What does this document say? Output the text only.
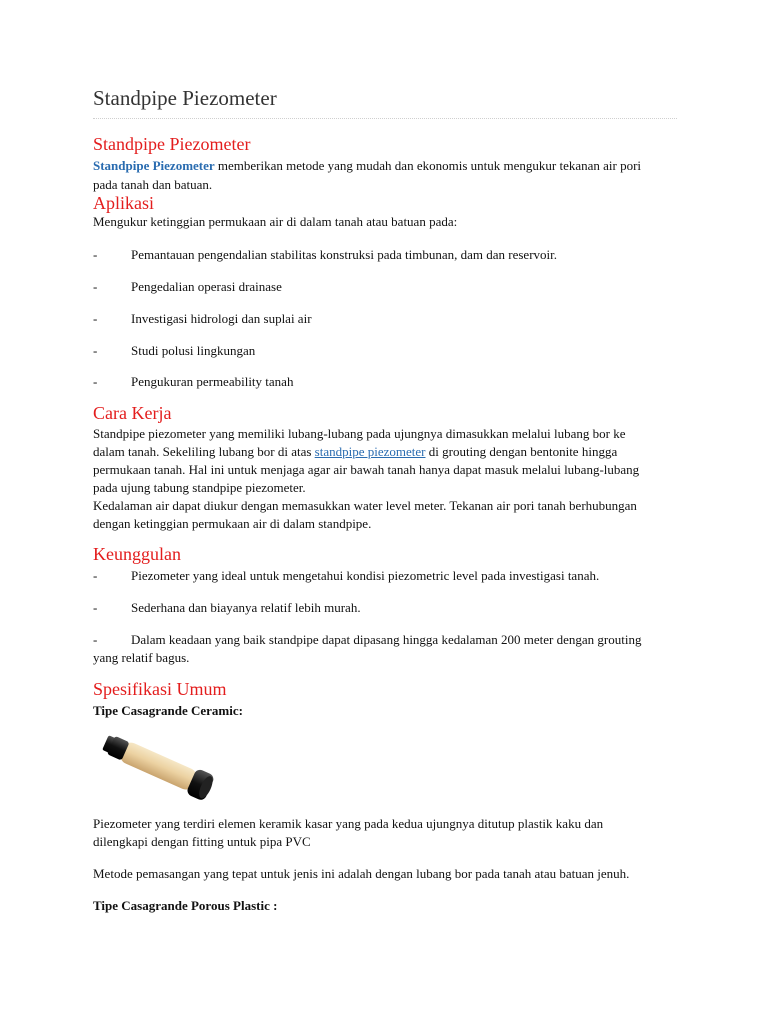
Standpipe Piezometer
Standpipe Piezometer

Standpipe Piezometer memberikan metode yang mudah dan ekonomis untuk mengukur tekanan air pori

pada tanah dan batuan.

Aplikasi

Mengukur ketinggian permukaan air di dalam tanah atau batuan pada:

-	Pemantauan pengendalian stabilitas konstruksi pada timbunan, dam dan reservoir.
-	Pengedalian operasi drainase
-	Investigasi hidrologi dan suplai air
-	Studi polusi lingkungan
-	Pengukuran permeability tanah
Cara Kerja

Standpipe piezometer yang memiliki lubang-lubang pada ujungnya dimasukkan melalui lubang bor ke

dalam tanah. Sekeliling lubang bor di atas standpipe piezometer di grouting dengan bentonite hingga

permukaan tanah. Hal ini untuk menjaga agar air bawah tanah hanya dapat masuk melalui lubang-lubang

pada ujung tabung standpipe piezometer.

Kedalaman air dapat diukur dengan memasukkan water level meter. Tekanan air pori tanah berhubungan

dengan ketinggian permukaan air di dalam standpipe.

Keunggulan
-	Piezometer yang ideal untuk mengetahui kondisi piezometric level pada investigasi tanah.
-	Sederhana dan biayanya relatif lebih murah.
-	Dalam keadaan yang baik standpipe dapat dipasang hingga kedalaman 200 meter dengan grouting

yang relatif bagus.

Spesifikasi Umum

Tipe Casagrande Ceramic:

Piezometer yang terdiri elemen keramik kasar yang pada kedua ujungnya ditutup plastik kaku dan

dilengkapi dengan fitting untuk pipa PVC

Metode pemasangan yang tepat untuk jenis ini adalah dengan lubang bor pada tanah atau batuan jenuh.

Tipe Casagrande Porous Plastic :
